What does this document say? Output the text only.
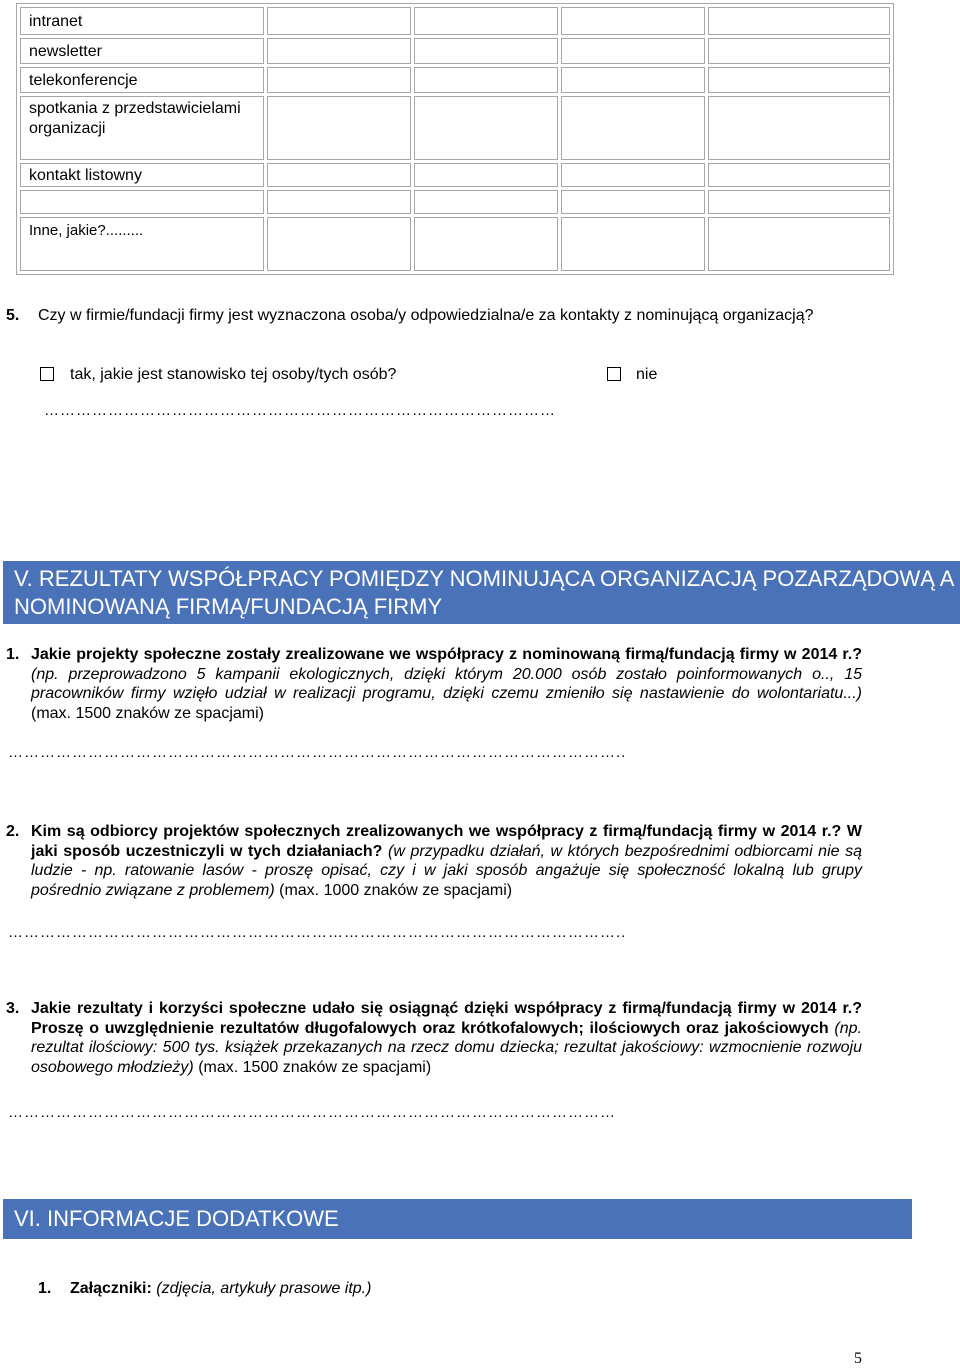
intranet				
newsletter				
telekonferencje				
spotkania z przedstawicielami organizacji				
kontakt listowny				

Inne, jakie?.........				
5. Czy w firmie/fundacji firmy jest wyznaczona osoba/y odpowiedzialna/e za kontakty z nominującą organizacją?
tak, jakie jest stanowisko tej osoby/tych osób?	nie
……………………………………………………………………………………
V. REZULTATY WSPÓŁPRACY POMIĘDZY NOMINUJĄCA ORGANIZACJĄ POZARZĄDOWĄ A NOMINOWANĄ FIRMĄ/FUNDACJĄ FIRMY
1. Jakie projekty społeczne zostały zrealizowane we współpracy z nominowaną firmą/fundacją firmy w 2014 r.? (np. przeprowadzono 5 kampanii ekologicznych, dzięki którym 20.000 osób zostało poinformowanych o.., 15 pracowników firmy wzięło udział w realizacji programu, dzięki czemu zmieniło się nastawienie do wolontariatu...) (max. 1500 znaków ze spacjami)
……………………………………………………………………………………………………..
2. Kim są odbiorcy projektów społecznych zrealizowanych we współpracy z firmą/fundacją firmy w 2014 r.? W jaki sposób uczestniczyli w tych działaniach? (w przypadku działań, w których bezpośrednimi odbiorcami nie są ludzie - np. ratowanie lasów - proszę opisać, czy i w jaki sposób angażuje się społeczność lokalną lub grupy pośrednio związane z problemem) (max. 1000 znaków ze spacjami)
……………………………………………………………………………………………………..
3. Jakie rezultaty i korzyści społeczne udało się osiągnąć dzięki współpracy z firmą/fundacją firmy w 2014 r.? Proszę o uwzględnienie rezultatów długofalowych oraz krótkofalowych; ilościowych oraz jakościowych (np. rezultat ilościowy: 500 tys. książek przekazanych na rzecz domu dziecka; rezultat jakościowy: wzmocnienie rozwoju osobowego młodzieży) (max. 1500 znaków ze spacjami)
……………………………………………………………………………………………………
VI. INFORMACJE DODATKOWE
1. Załączniki: (zdjęcia, artykuły prasowe itp.)
5
